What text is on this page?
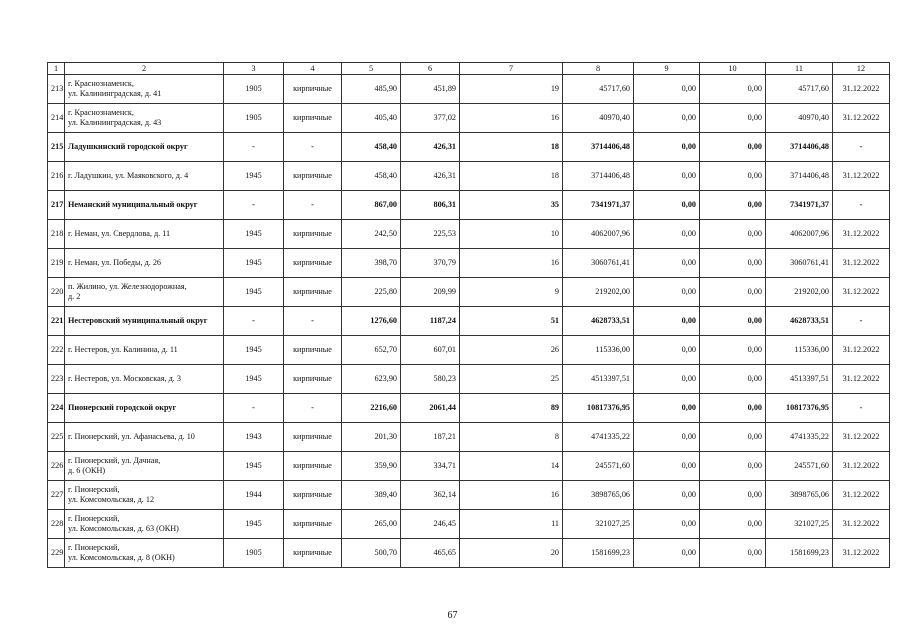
1	2	3	4	5	6	7	8	9	10	11	12
213	г. Краснознаменск,
ул. Калининградская, д. 41	1905	кирпичные	485,90	451,89	19	45717,60	0,00	0,00	45717,60	31.12.2022
214	г. Краснознаменск,
ул. Калининградская, д. 43	1905	кирпичные	405,40	377,02	16	40970,40	0,00	0,00	40970,40	31.12.2022
215	Ладушкинский городской округ	-	-	458,40	426,31	18	3714406,48	0,00	0,00	3714406,48	-
216	г. Ладушкин, ул. Маяковского, д. 4	1945	кирпичные	458,40	426,31	18	3714406,48	0,00	0,00	3714406,48	31.12.2022
217	Неманский муниципальный округ	-	-	867,00	806,31	35	7341971,37	0,00	0,00	7341971,37	-
218	г. Неман, ул. Свердлова, д. 11	1945	кирпичные	242,50	225,53	10	4062007,96	0,00	0,00	4062007,96	31.12.2022
219	г. Неман, ул. Победы, д. 26	1945	кирпичные	398,70	370,79	16	3060761,41	0,00	0,00	3060761,41	31.12.2022
220	п. Жилино, ул. Железнодорожная,
д. 2	1945	кирпичные	225,80	209,99	9	219202,00	0,00	0,00	219202,00	31.12.2022
221	Нестеровский муниципальный округ	-	-	1276,60	1187,24	51	4628733,51	0,00	0,00	4628733,51	-
222	г. Нестеров, ул. Калинина, д. 11	1945	кирпичные	652,70	607,01	26	115336,00	0,00	0,00	115336,00	31.12.2022
223	г. Нестеров, ул. Московская, д. 3	1945	кирпичные	623,90	580,23	25	4513397,51	0,00	0,00	4513397,51	31.12.2022
224	Пионерский городской округ	-	-	2216,60	2061,44	89	10817376,95	0,00	0,00	10817376,95	-
225	г. Пионерский, ул. Афанасьева, д. 10	1943	кирпичные	201,30	187,21	8	4741335,22	0,00	0,00	4741335,22	31.12.2022
226	г. Пионерский, ул. Дачная,
д. 6 (ОКН)	1945	кирпичные	359,90	334,71	14	245571,60	0,00	0,00	245571,60	31.12.2022
227	г. Пионерский,
ул. Комсомольская, д. 12	1944	кирпичные	389,40	362,14	16	3898765,06	0,00	0,00	3898765,06	31.12.2022
228	г. Пионерский,
ул. Комсомольская, д. 63 (ОКН)	1945	кирпичные	265,00	246,45	11	321027,25	0,00	0,00	321027,25	31.12.2022
229	г. Пионерский,
ул. Комсомольская, д. 8 (ОКН)	1905	кирпичные	500,70	465,65	20	1581699,23	0,00	0,00	1581699,23	31.12.2022
67
